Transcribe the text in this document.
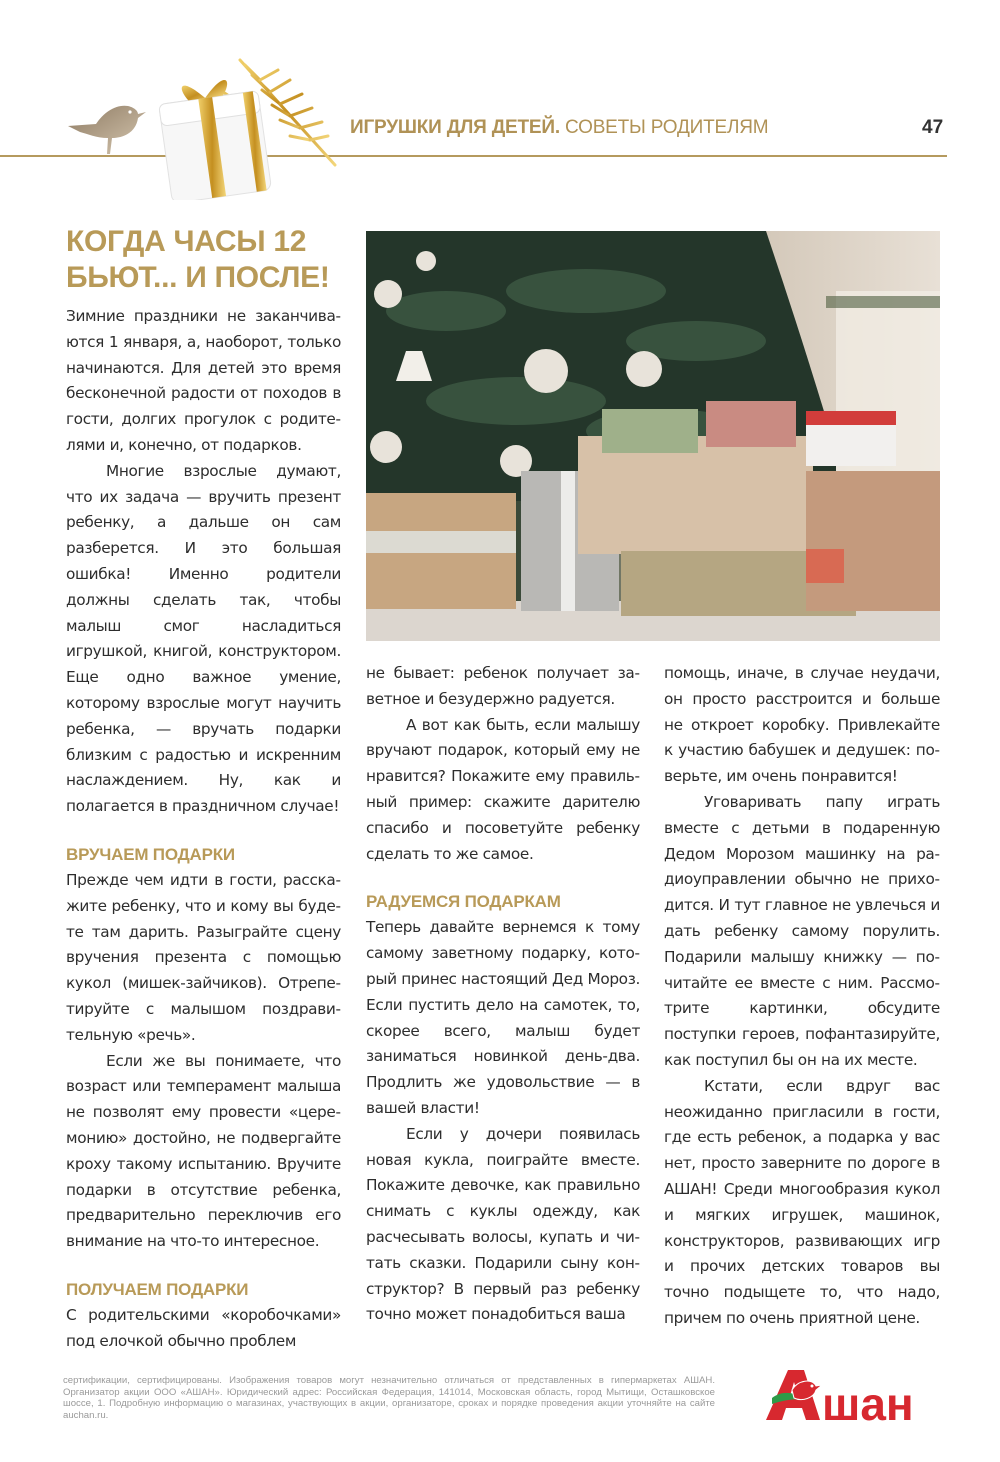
ИГРУШКИ ДЛЯ ДЕТЕЙ. СОВЕТЫ РОДИТЕЛЯМ	47
КОГДА ЧАСЫ 12
БЬЮТ... И ПОСЛЕ!

Зимние праздники не заканчиваются 1 января, а, наоборот, только начинаются. Для детей это время бесконечной радости от походов в гости, долгих прогулок с родителями и, конечно, от подарков.

Многие взрослые думают, что их задача — вручить презент ребенку, а дальше он сам разберется. И это большая ошибка! Именно родители должны сделать так, чтобы малыш смог насладиться игрушкой, книгой, конструктором. Еще одно важное умение, которому взрослые могут научить ребенка, — вручать подарки близким с радостью и искренним наслаждением. Ну, как и полагается в праздничном случае!

ВРУЧАЕМ ПОДАРКИ

Прежде чем идти в гости, расскажите ребенку, что и кому вы будете там дарить. Разыграйте сцену вручения презента с помощью кукол (мишек-зайчиков). Отрепетируйте с малышом поздравительную «речь».

Если же вы понимаете, что возраст или темперамент малыша не позволят ему провести «церемонию» достойно, не подвергайте кроху такому испытанию. Вручите подарки в отсутствие ребенка, предварительно переключив его внимание на что-то интересное.

ПОЛУЧАЕМ ПОДАРКИ

С родительскими «коробочками» под елочкой обычно проблем

не бывает: ребенок получает заветное и безудержно радуется.

А вот как быть, если малышу вручают подарок, который ему не нравится? Покажите ему правильный пример: скажите дарителю спасибо и посоветуйте ребенку сделать то же самое.

РАДУЕМСЯ ПОДАРКАМ

Теперь давайте вернемся к тому самому заветному подарку, который принес настоящий Дед Мороз. Если пустить дело на самотек, то, скорее всего, малыш будет заниматься новинкой день-два. Продлить же удовольствие — в вашей власти!

Если у дочери появилась новая кукла, поиграйте вместе. Покажите девочке, как правильно снимать с куклы одежду, как расчесывать волосы, купать и читать сказки. Подарили сыну конструктор? В первый раз ребенку точно может понадобиться ваша

помощь, иначе, в случае неудачи, он просто расстроится и больше не откроет коробку. Привлекайте к участию бабушек и дедушек: поверьте, им очень понравится!

Уговаривать папу играть вместе с детьми в подаренную Дедом Морозом машинку на радиоуправлении обычно не приходится. И тут главное не увлечься и дать ребенку самому порулить. Подарили малышу книжку — почитайте ее вместе с ним. Рассмотрите картинки, обсудите поступки героев, пофантазируйте, как поступил бы он на их месте.

Кстати, если вдруг вас неожиданно пригласили в гости, где есть ребенок, а подарка у вас нет, просто заверните по дороге в АШАН! Среди многообразия кукол и мягких игрушек, машинок, конструкторов, развивающих игр и прочих детских товаров вы точно подыщете то, что надо, причем по очень приятной цене.

сертификации, сертифицированы. Изображения товаров могут незначительно отличаться от представленных в гипермаркетах АШАН. Организатор акции ООО «АШАН». Юридический адрес: Российская Федерация, 141014, Московская область, город Мытищи, Осташковское шоссе, 1. Подробную информацию о магазинах, участвующих в акции, организаторе, сроках и порядке проведения акции уточняйте на сайте auchan.ru.	шан
